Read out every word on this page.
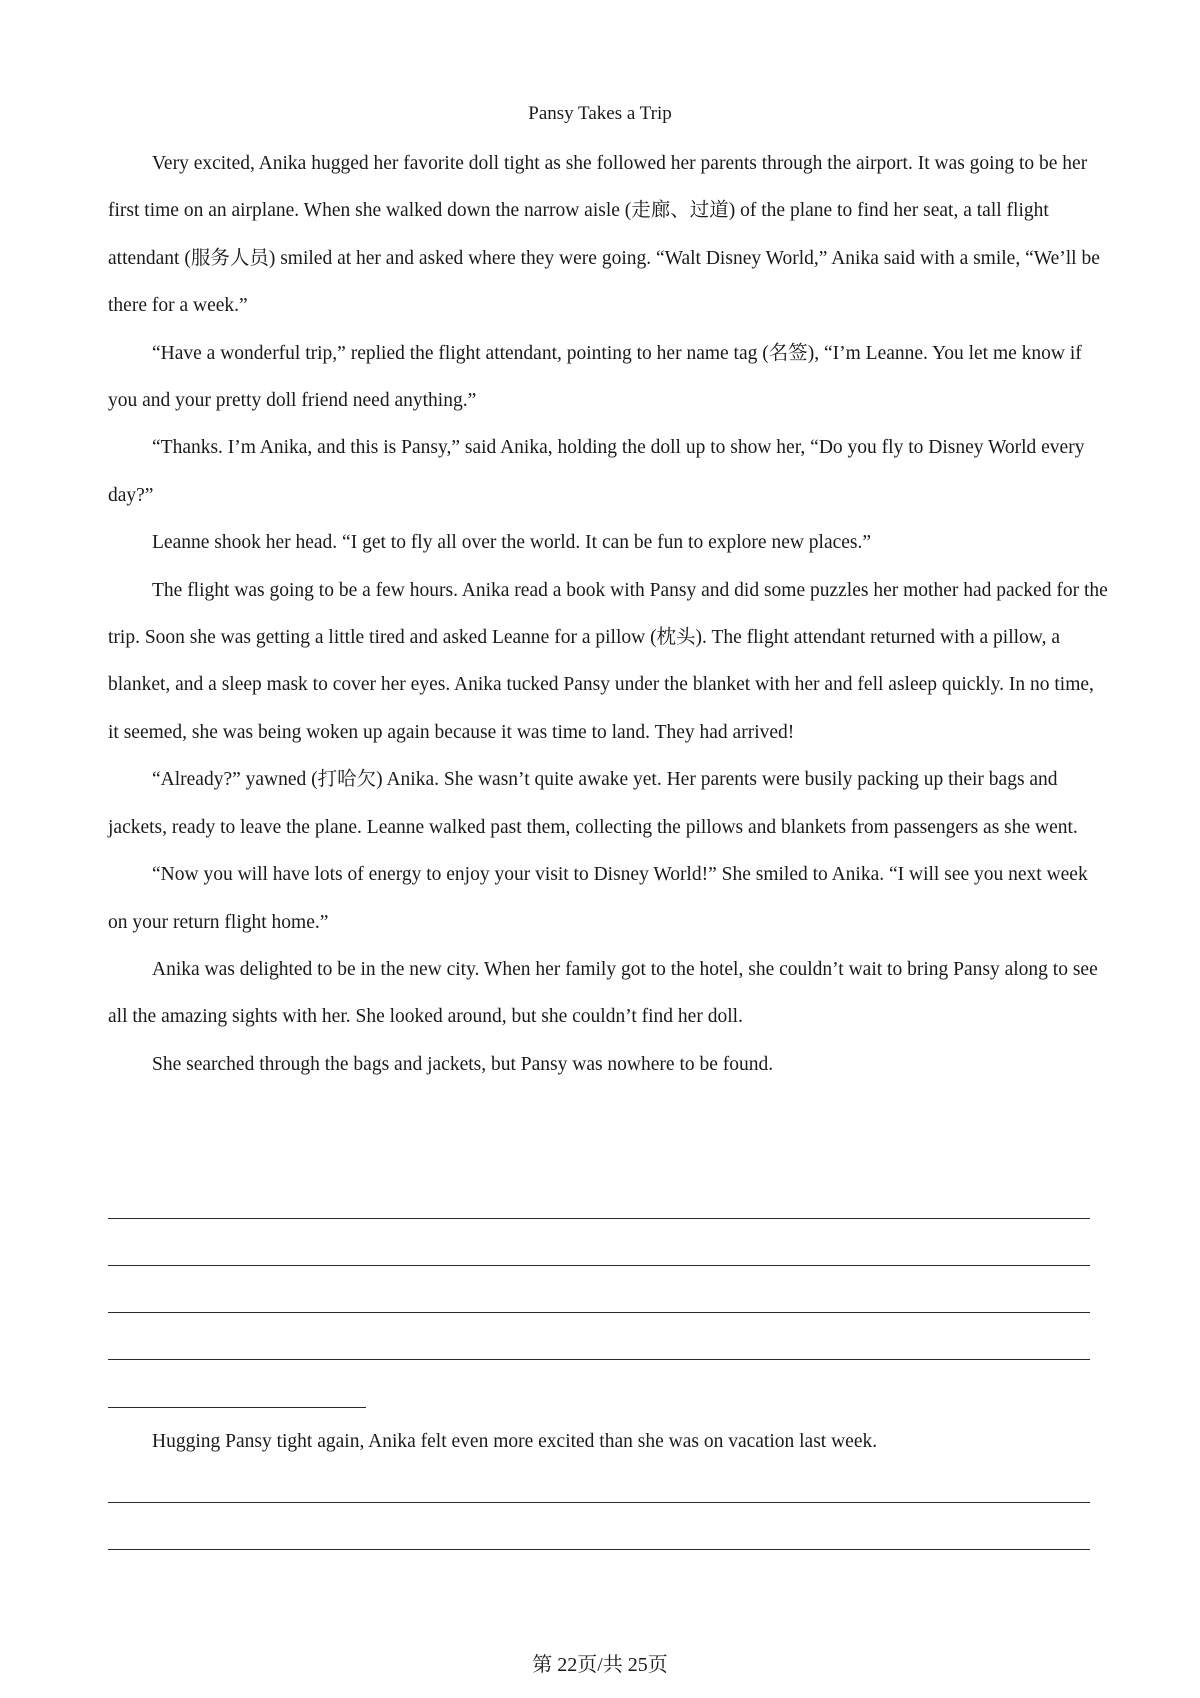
Pansy Takes a Trip

Very excited, Anika hugged her favorite doll tight as she followed her parents through the airport. It was going to be her first time on an airplane. When she walked down the narrow aisle (走廊、过道) of the plane to find her seat, a tall flight attendant (服务人员) smiled at her and asked where they were going. “Walt Disney World,” Anika said with a smile, “We’ll be there for a week.”

“Have a wonderful trip,” replied the flight attendant, pointing to her name tag (名签), “I’m Leanne. You let me know if you and your pretty doll friend need anything.”

“Thanks. I’m Anika, and this is Pansy,” said Anika, holding the doll up to show her, “Do you fly to Disney World every day?”

Leanne shook her head. “I get to fly all over the world. It can be fun to explore new places.”

The flight was going to be a few hours. Anika read a book with Pansy and did some puzzles her mother had packed for the trip. Soon she was getting a little tired and asked Leanne for a pillow (枕头). The flight attendant returned with a pillow, a blanket, and a sleep mask to cover her eyes. Anika tucked Pansy under the blanket with her and fell asleep quickly. In no time, it seemed, she was being woken up again because it was time to land. They had arrived!

“Already?” yawned (打哈欠) Anika. She wasn’t quite awake yet. Her parents were busily packing up their bags and jackets, ready to leave the plane. Leanne walked past them, collecting the pillows and blankets from passengers as she went.

“Now you will have lots of energy to enjoy your visit to Disney World!” She smiled to Anika. “I will see you next week on your return flight home.”

Anika was delighted to be in the new city. When her family got to the hotel, she couldn’t wait to bring Pansy along to see all the amazing sights with her. She looked around, but she couldn’t find her doll.

She searched through the bags and jackets, but Pansy was nowhere to be found.

Hugging Pansy tight again, Anika felt even more excited than she was on vacation last week.
第 22页/共 25页
